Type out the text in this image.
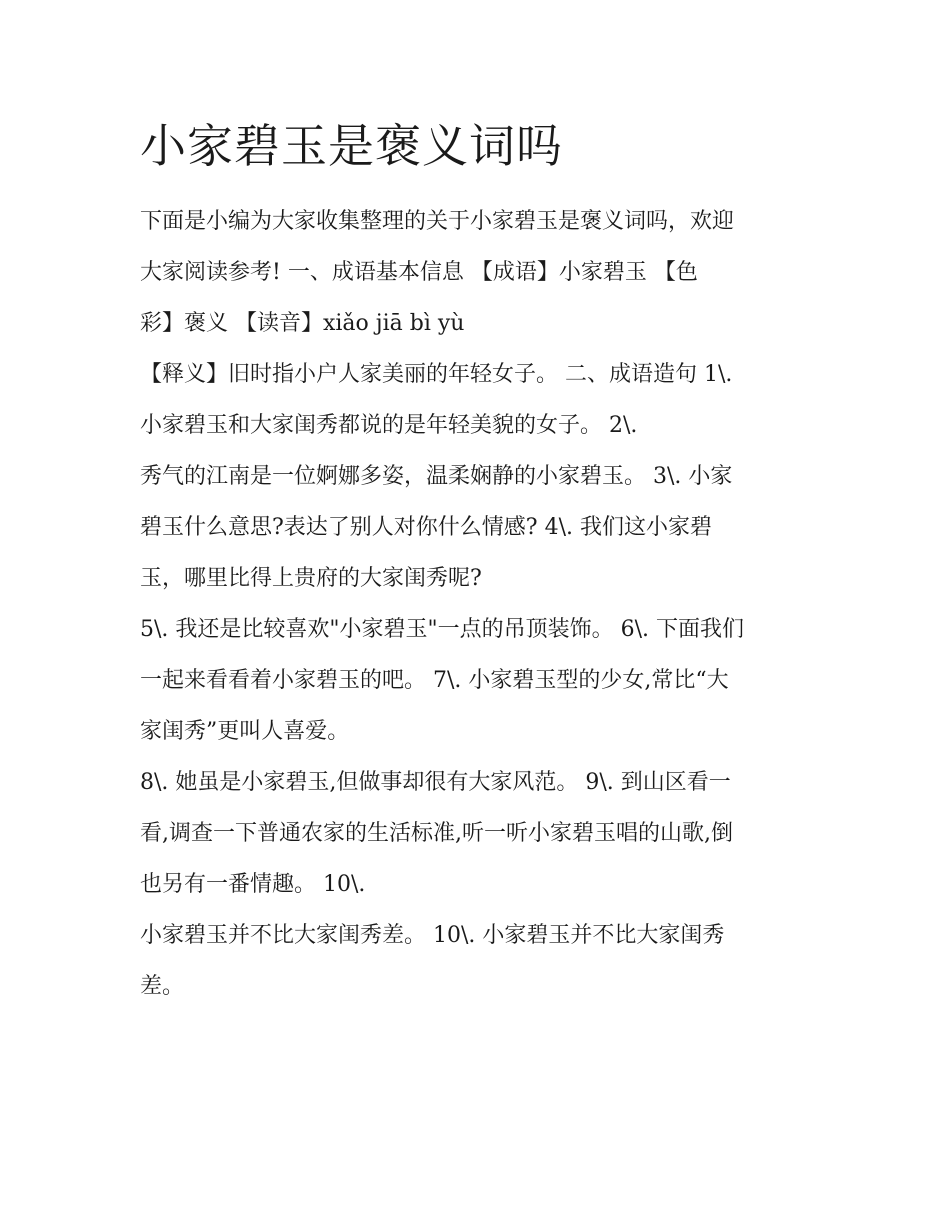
小家碧玉是褒义词吗
下面是小编为大家收集整理的关于小家碧玉是褒义词吗，欢迎
大家阅读参考! 一、成语基本信息 【成语】小家碧玉 【色
彩】褒义 【读音】xiǎo jiā bì yù
【释义】旧时指小户人家美丽的年轻女子。 二、成语造句 1\.
小家碧玉和大家闺秀都说的是年轻美貌的女子。 2\.
秀气的江南是一位婀娜多姿，温柔娴静的小家碧玉。 3\. 小家
碧玉什么意思?表达了别人对你什么情感? 4\. 我们这小家碧
玉，哪里比得上贵府的大家闺秀呢?
5\. 我还是比较喜欢"小家碧玉"一点的吊顶装饰。 6\. 下面我们
一起来看看着小家碧玉的吧。 7\. 小家碧玉型的少女,常比“大
家闺秀”更叫人喜爱。
8\. 她虽是小家碧玉,但做事却很有大家风范。 9\. 到山区看一
看,调查一下普通农家的生活标准,听一听小家碧玉唱的山歌,倒
也另有一番情趣。 10\.
小家碧玉并不比大家闺秀差。 10\. 小家碧玉并不比大家闺秀
差。
